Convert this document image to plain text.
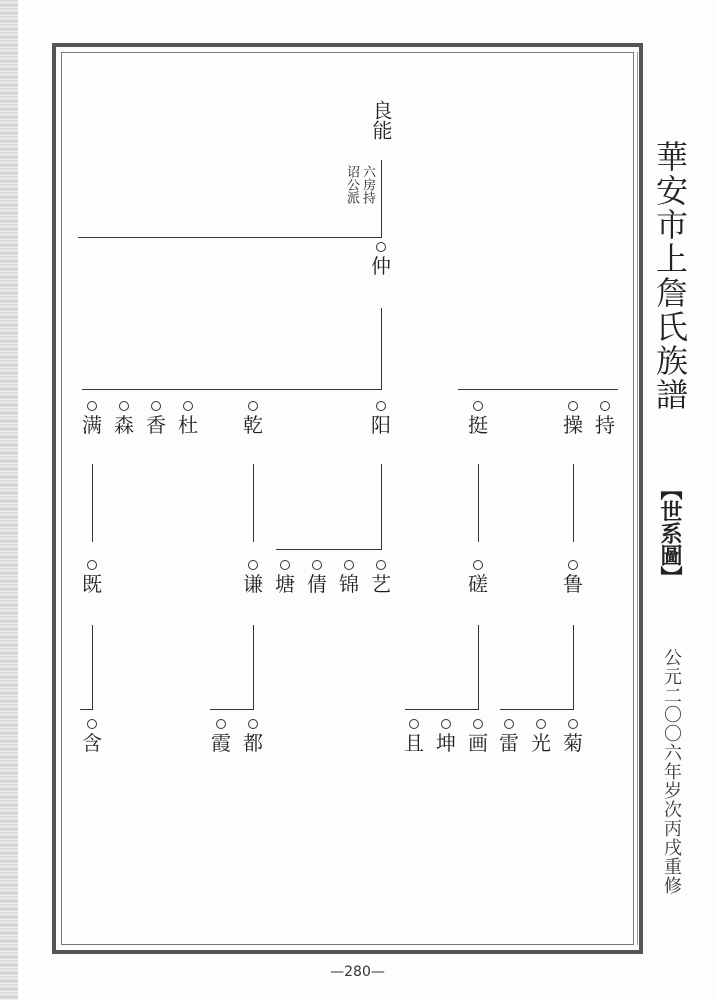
良能
六房持
诏公派
仲
满 森 香 杜 乾	阳	挺	操 持
既	谦 塘 倩 锦 艺	磋	鲁
含	霞 都	且 坤 画 雷 光 菊
華安市上詹氏族譜
【世系圖】
公元二〇〇六年岁次丙戌重修
—280—
